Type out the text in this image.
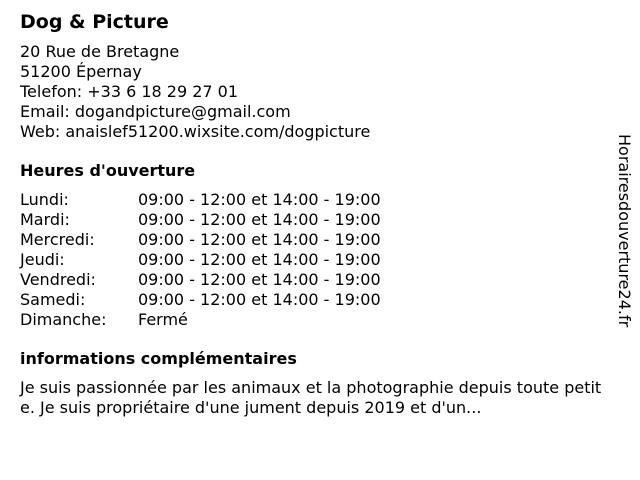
Dog & Picture
20 Rue de Bretagne
51200 Épernay
Telefon: +33 6 18 29 27 01
Email: dogandpicture@gmail.com
Web: anaislef51200.wixsite.com/dogpicture
Heures d'ouverture
Lundi:	09:00 - 12:00 et 14:00 - 19:00
Mardi:	09:00 - 12:00 et 14:00 - 19:00
Mercredi:	09:00 - 12:00 et 14:00 - 19:00
Jeudi:	09:00 - 12:00 et 14:00 - 19:00
Vendredi:	09:00 - 12:00 et 14:00 - 19:00
Samedi:	09:00 - 12:00 et 14:00 - 19:00
Dimanche:	Fermé
informations complémentaires
Je suis passionnée par les animaux et la photographie depuis toute petite. Je suis propriétaire d'une jument depuis 2019 et d'un...
Horairesdouverture24.fr
